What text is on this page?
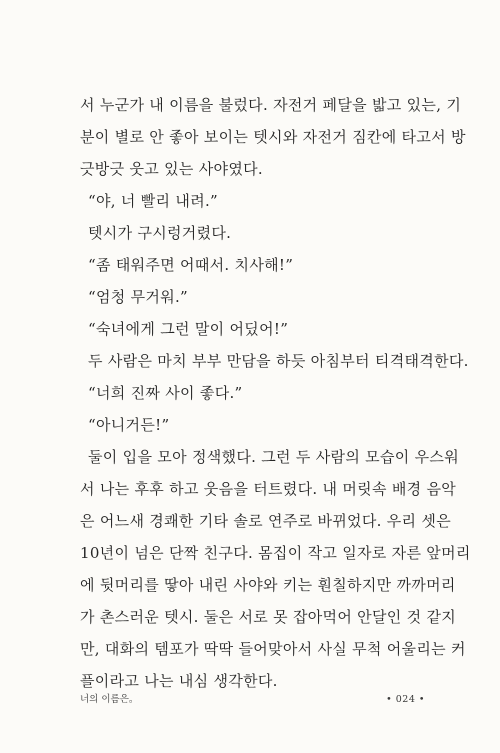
서 누군가 내 이름을 불렀다. 자전거 페달을 밟고 있는, 기
분이 별로 안 좋아 보이는 텟시와 자전거 짐칸에 타고서 방
긋방긋 웃고 있는 사야였다.
“야, 너 빨리 내려.”
텟시가 구시렁거렸다.
“좀 태워주면 어때서. 치사해!”
“엄청 무거워.”
“숙녀에게 그런 말이 어딨어!”
두 사람은 마치 부부 만담을 하듯 아침부터 티격태격한다.
“너희 진짜 사이 좋다.”
“아니거든!”
둘이 입을 모아 정색했다. 그런 두 사람의 모습이 우스워
서 나는 후후 하고 웃음을 터트렸다. 내 머릿속 배경 음악
은 어느새 경쾌한 기타 솔로 연주로 바뀌었다. 우리 셋은
10년이 넘은 단짝 친구다. 몸집이 작고 일자로 자른 앞머리
에 뒷머리를 땋아 내린 사야와 키는 훤칠하지만 까까머리
가 촌스러운 텟시. 둘은 서로 못 잡아먹어 안달인 것 같지
만, 대화의 템포가 딱딱 들어맞아서 사실 무척 어울리는 커
플이라고 나는 내심 생각한다.
너의 이름은。	• 024 •
